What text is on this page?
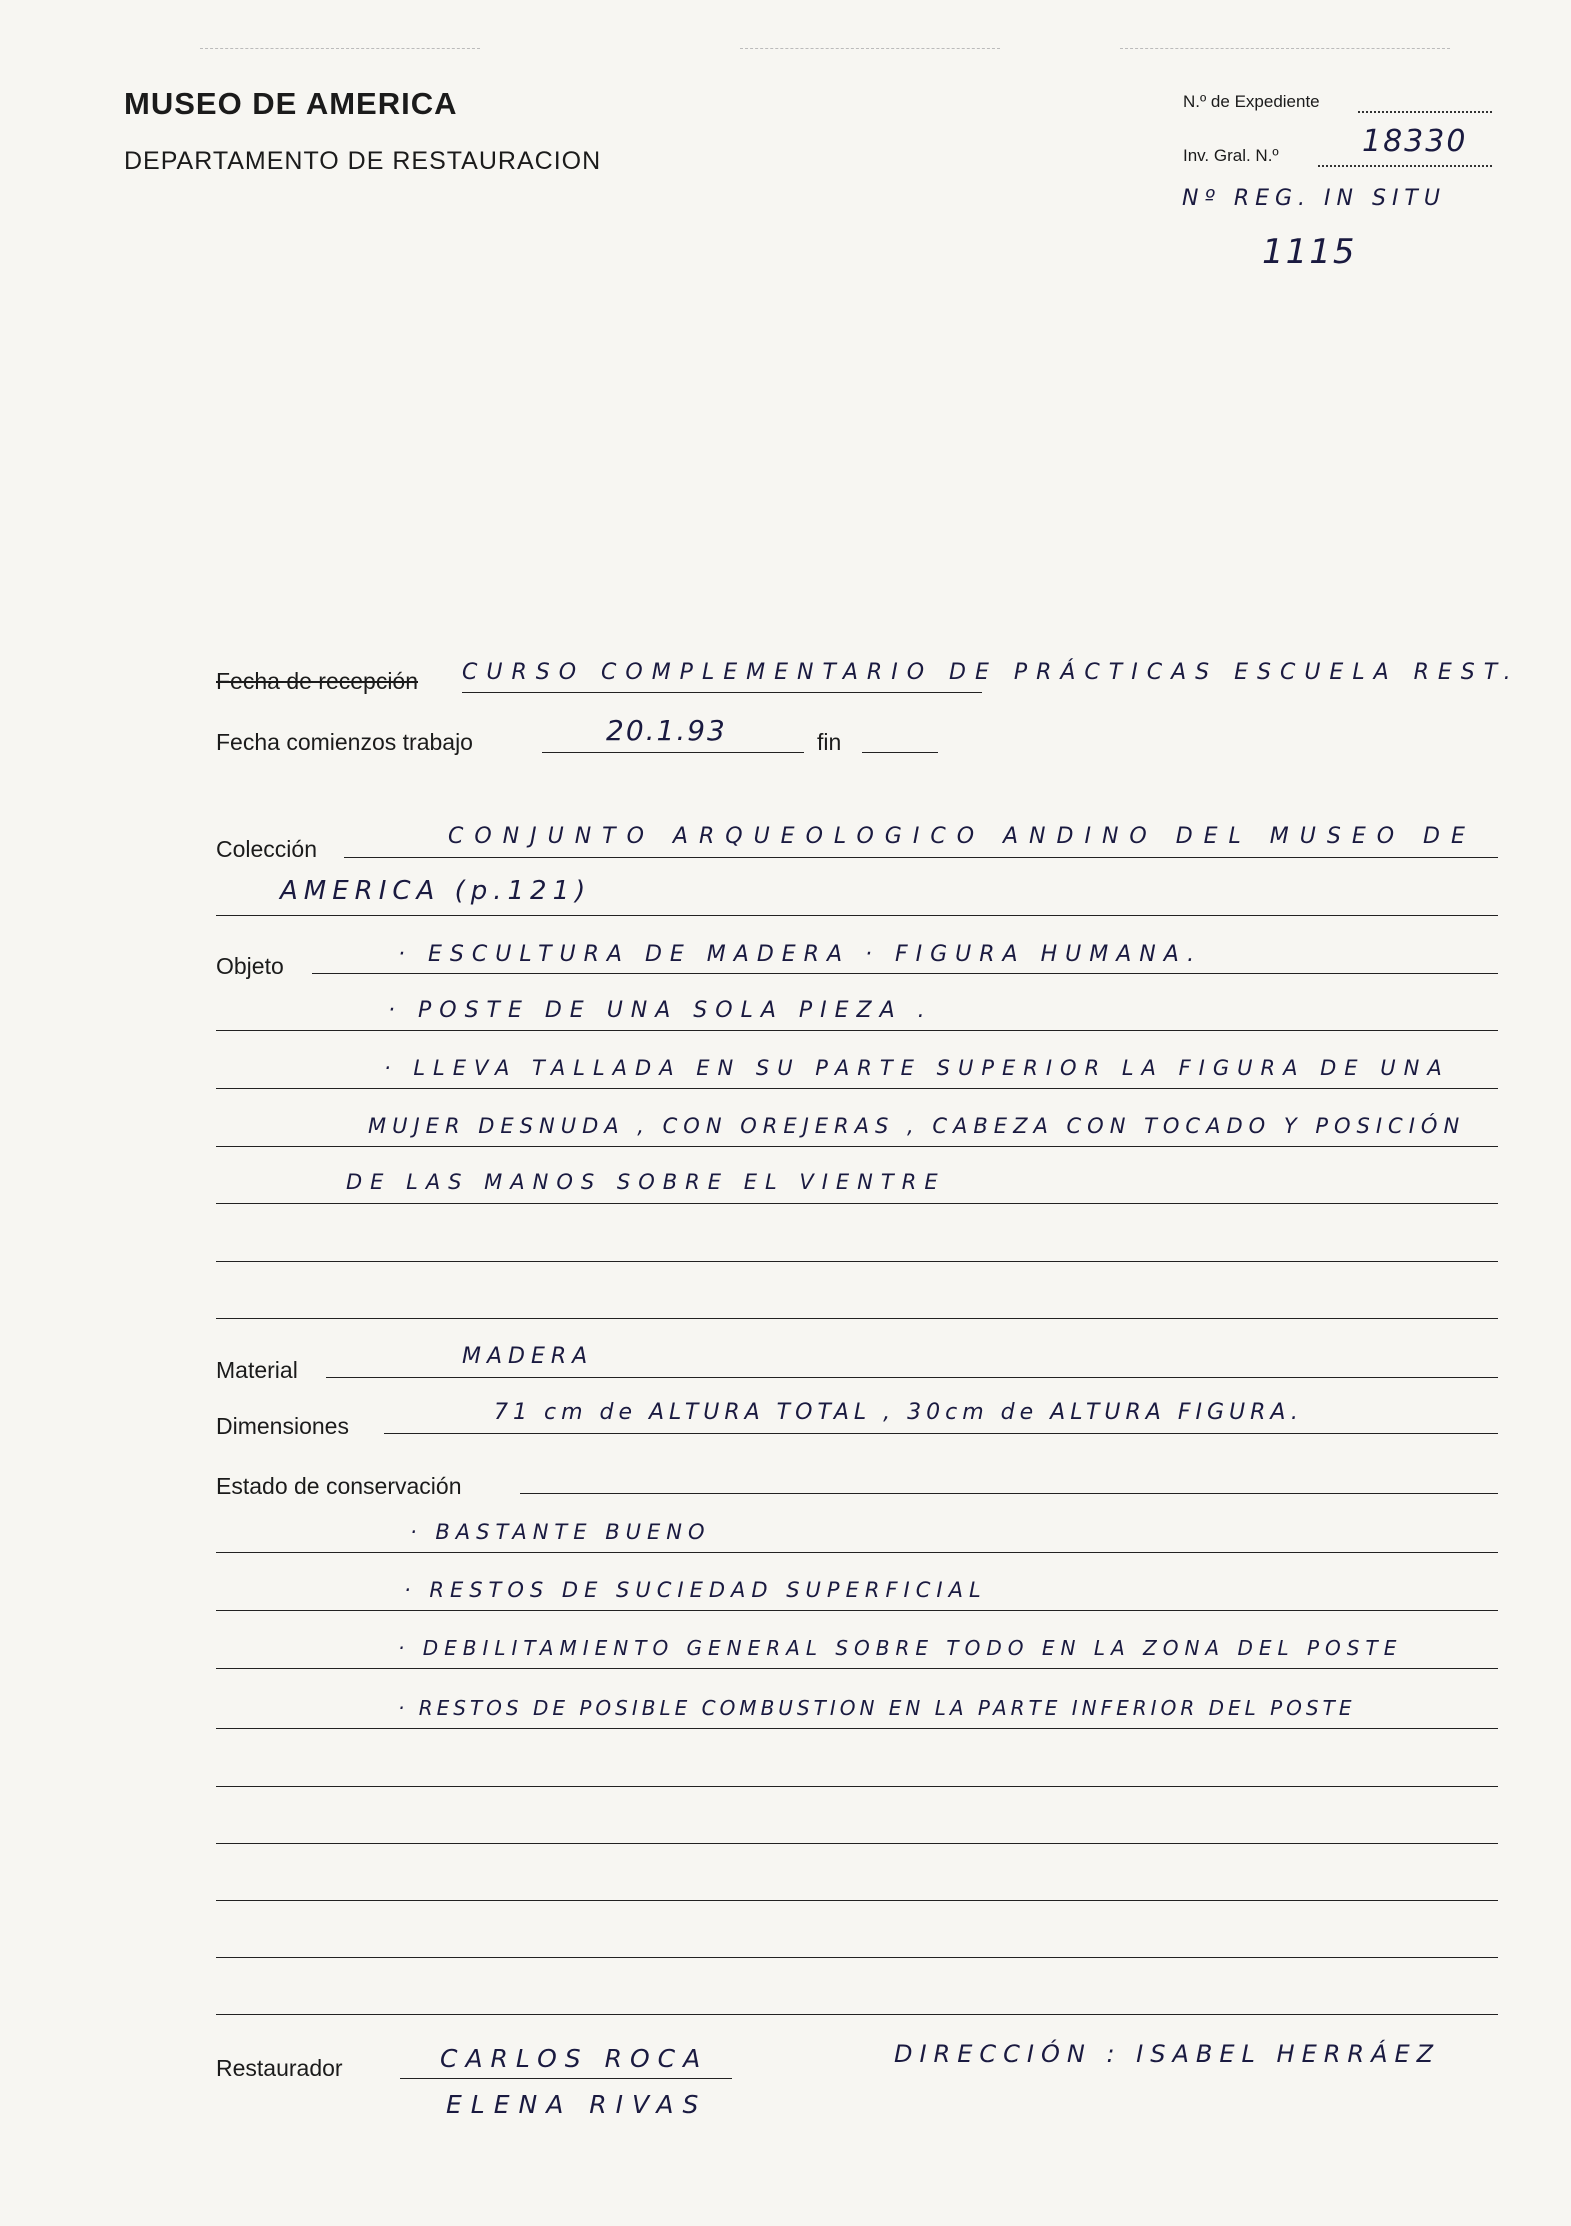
MUSEO DE AMERICA
DEPARTAMENTO DE RESTAURACION
N.º de Expediente
Inv. Gral. N.º	18330
Nº REG. IN SITU
1115
Fecha de recepción CURSO COMPLEMENTARIO DE PRÁCTICAS ESCUELA REST.
Fecha comienzos trabajo	20.1.93	fin
Colección	CONJUNTO ARQUEOLOGICO ANDINO DEL MUSEO DE
AMERICA (p.121)
Objeto	· ESCULTURA DE MADERA · FIGURA HUMANA.
· POSTE DE UNA SOLA PIEZA .
· LLEVA TALLADA EN SU PARTE SUPERIOR LA FIGURA DE UNA
MUJER DESNUDA , CON OREJERAS , CABEZA CON TOCADO Y POSICIÓN
DE LAS MANOS SOBRE EL VIENTRE
Material
MADERA
Dimensiones
71 cm de ALTURA TOTAL , 30cm de ALTURA FIGURA.
Estado de conservación
· BASTANTE BUENO
· RESTOS DE SUCIEDAD SUPERFICIAL
· DEBILITAMIENTO GENERAL SOBRE TODO EN LA ZONA DEL POSTE
· RESTOS DE POSIBLE COMBUSTION EN LA PARTE INFERIOR DEL POSTE
Restaurador	CARLOS ROCA
ELENA RIVAS
DIRECCIÓN : ISABEL HERRÁEZ
